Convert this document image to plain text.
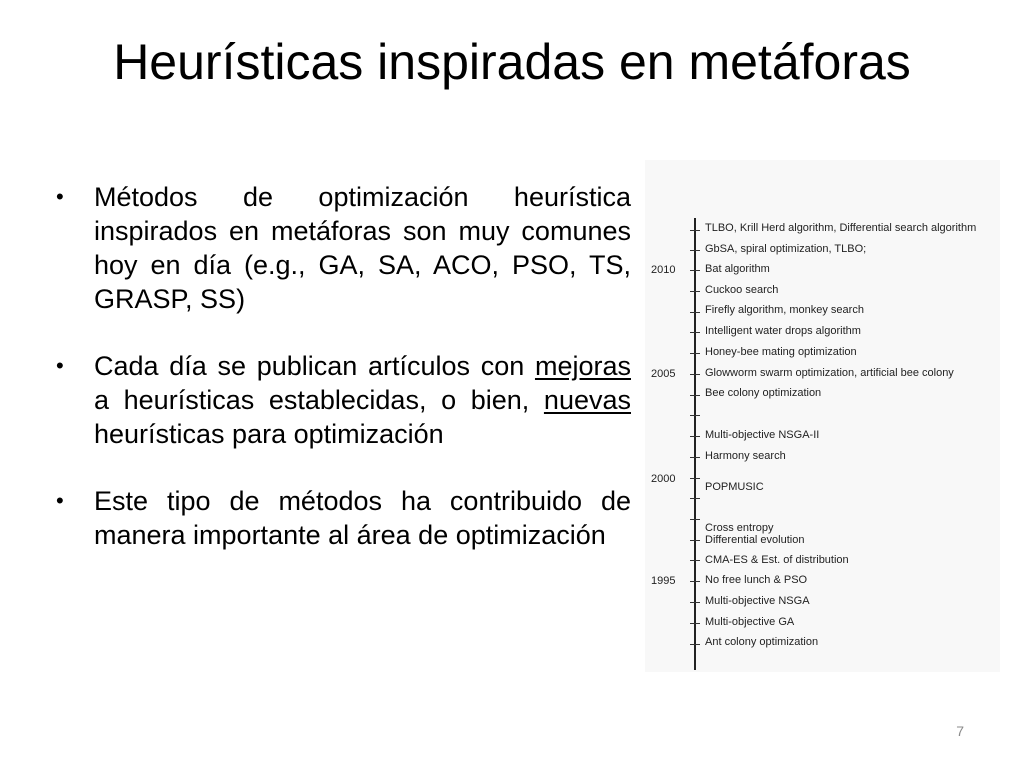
Heurísticas inspiradas en metáforas
• Métodos de optimización heurística inspirados en metáforas son muy comunes hoy en día (e.g., GA, SA, ACO, PSO, TS, GRASP, SS)
• Cada día se publican artículos con mejoras a heurísticas establecidas, o bien, nuevas heurísticas para optimización
• Este tipo de métodos ha contribuido de manera importante al área de optimización
2010
2005
2000
1995
TLBO, Krill Herd algorithm, Differential search algorithm
GbSA, spiral optimization, TLBO;
Bat algorithm
Cuckoo search
Firefly algorithm, monkey search
Intelligent water drops algorithm
Honey-bee mating optimization
Glowworm swarm optimization, artificial bee colony
Bee colony optimization
Multi-objective NSGA-II
Harmony search
POPMUSIC
Cross entropy
Differential evolution
CMA-ES & Est. of distribution
No free lunch & PSO
Multi-objective NSGA
Multi-objective GA
Ant colony optimization
7
